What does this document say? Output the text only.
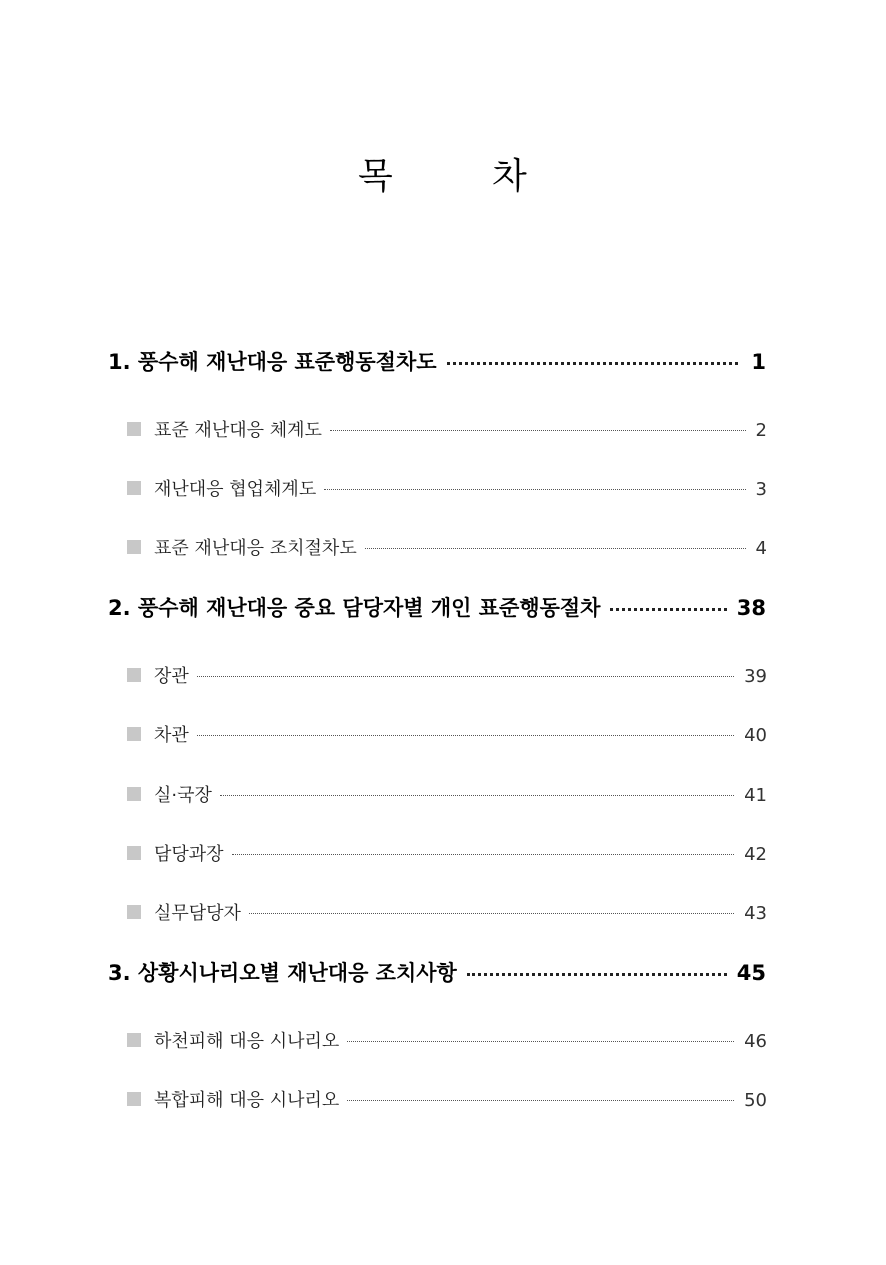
목	차
1. 풍수해 재난대응 표준행동절차도	1
표준 재난대응 체계도	2
재난대응 협업체계도	3
표준 재난대응 조치절차도	4
2. 풍수해 재난대응 중요 담당자별 개인 표준행동절차	38
장관	39
차관	40
실·국장	41
담당과장	42
실무담당자	43
3. 상황시나리오별 재난대응 조치사항	45
하천피해 대응 시나리오	46
복합피해 대응 시나리오	50
